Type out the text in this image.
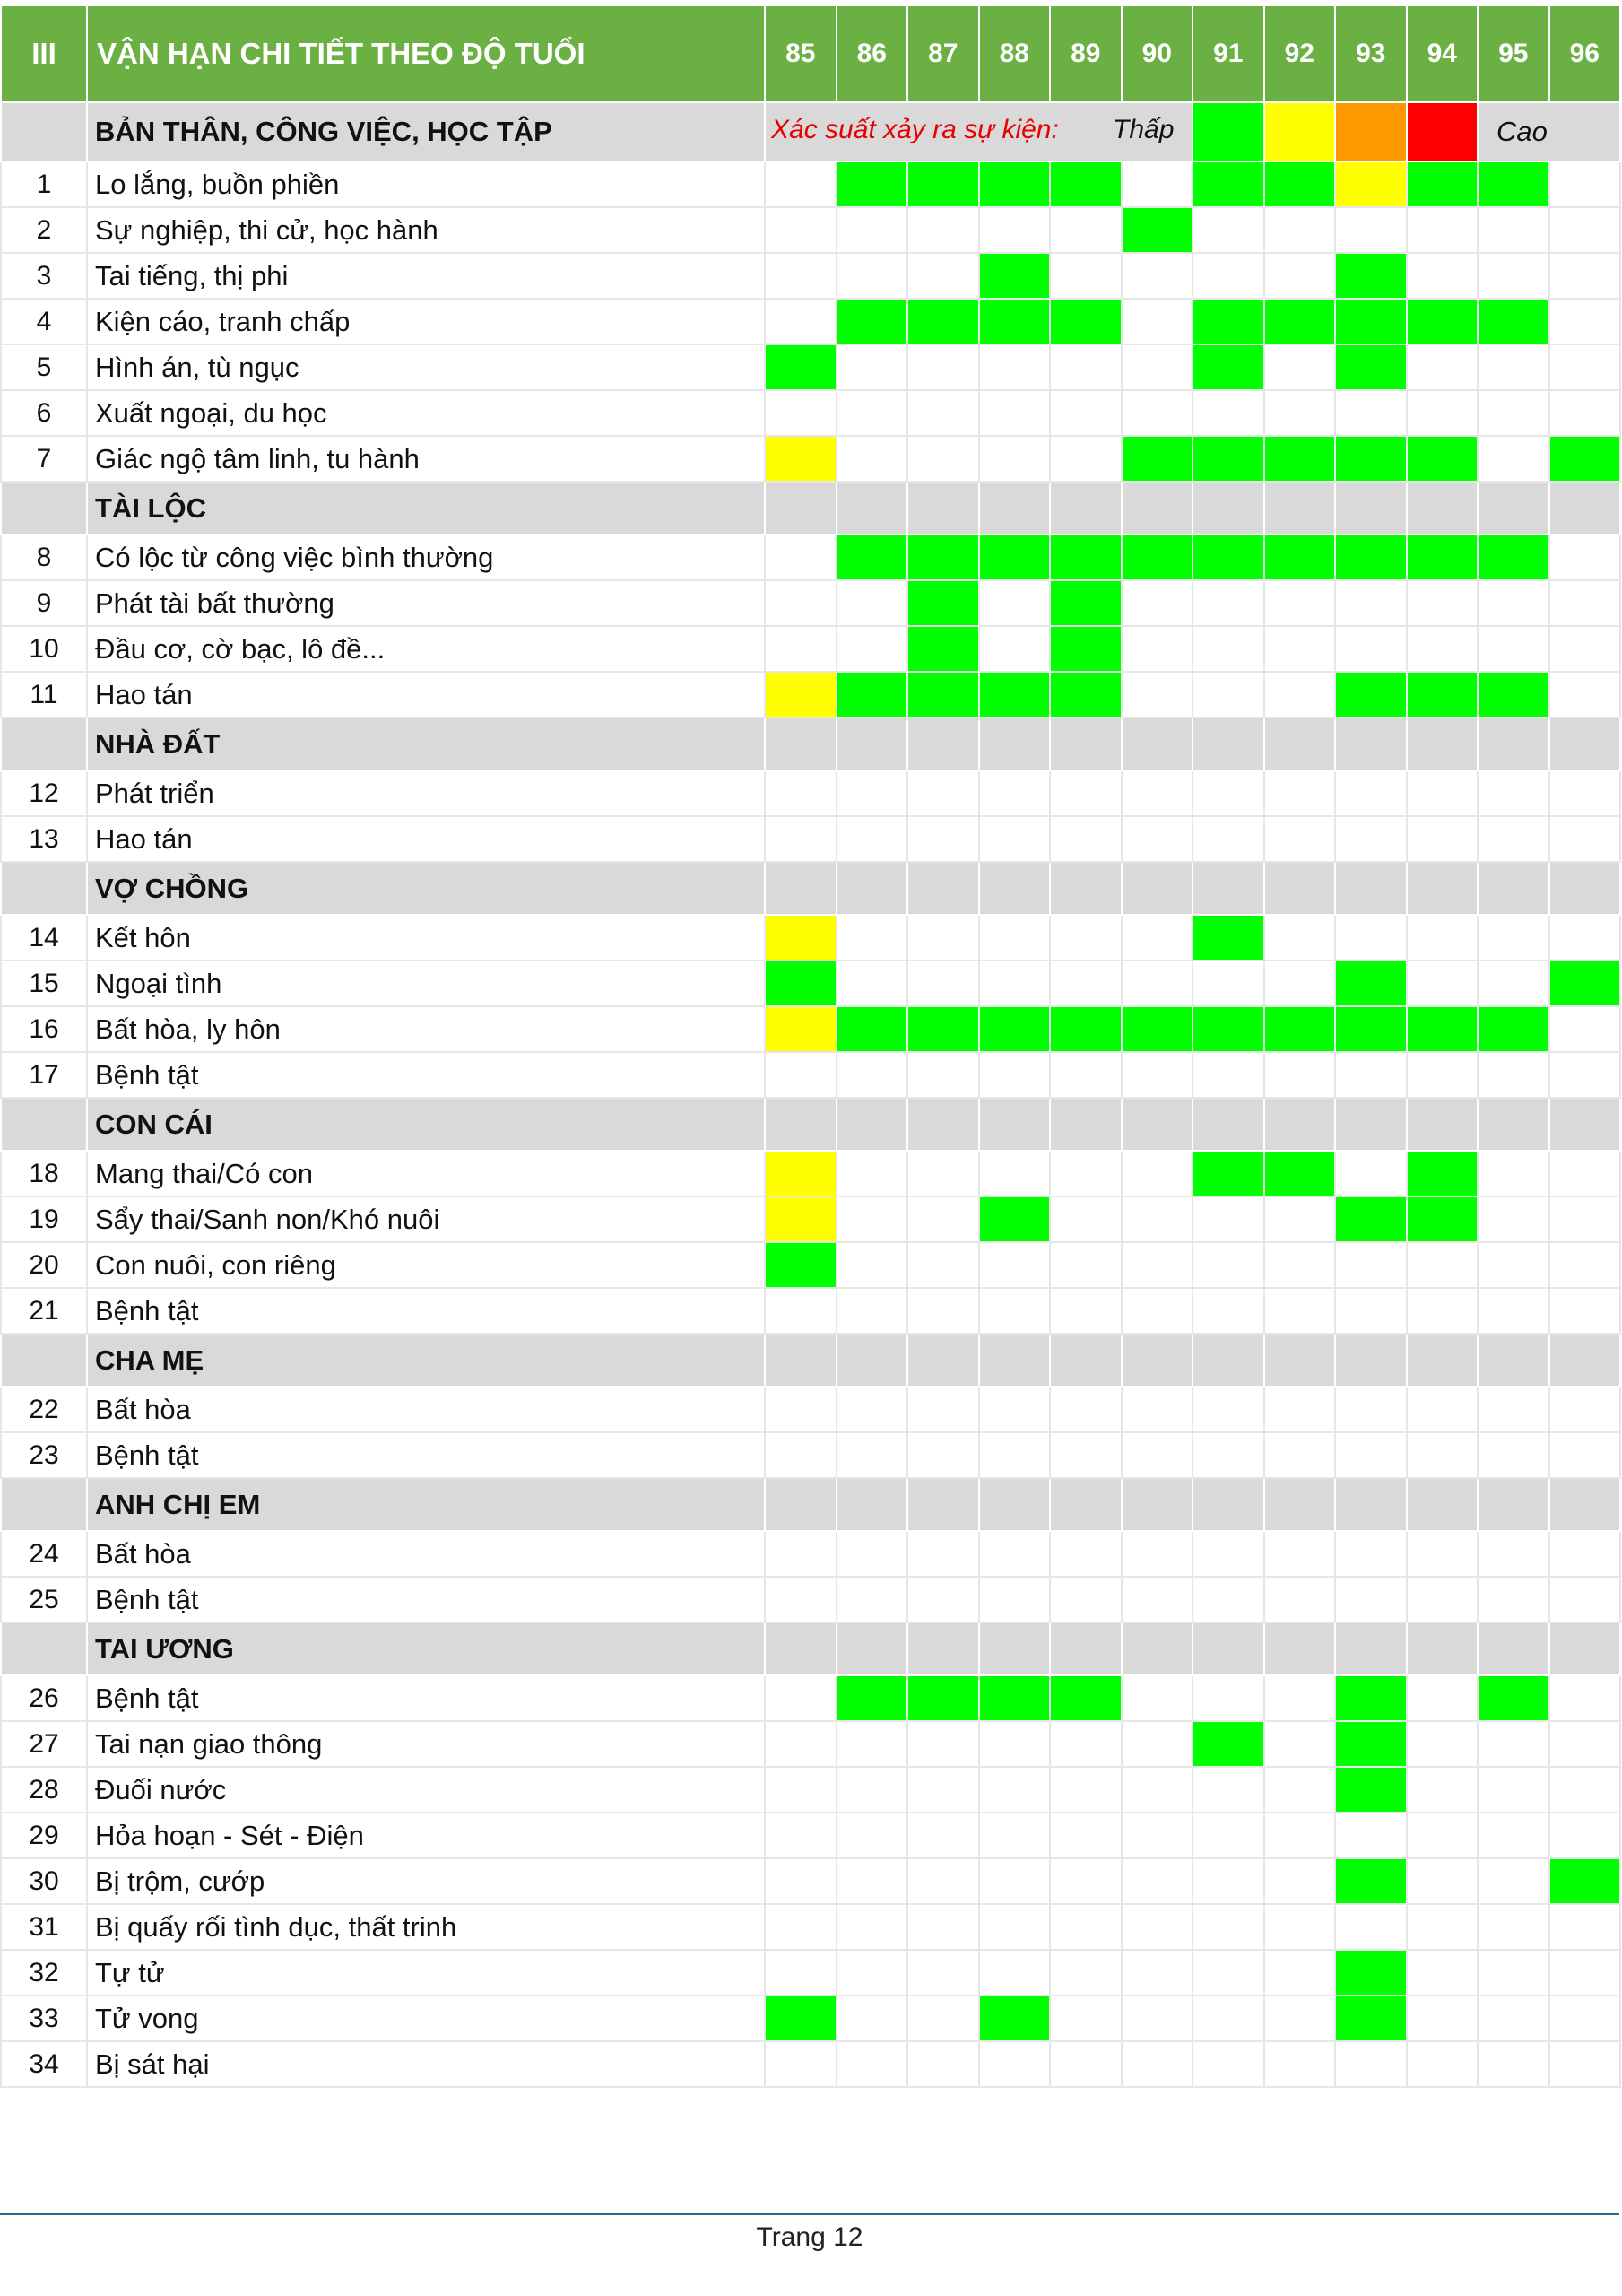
III	VẬN HẠN CHI TIẾT THEO ĐỘ TUỔI	85	86	87	88	89	90	91	92	93	94	95	96
	BẢN THÂN, CÔNG VIỆC, HỌC TẬP	Xác suất xảy ra sự kiện: Thấp										Cao	
1	Lo lắng, buồn phiền												
2	Sự nghiệp, thi cử, học hành												
3	Tai tiếng, thị phi												
4	Kiện cáo, tranh chấp												
5	Hình án, tù ngục												
6	Xuất ngoại, du học												
7	Giác ngộ tâm linh, tu hành												
	TÀI LỘC												
8	Có lộc từ công việc bình thường												
9	Phát tài bất thường												
10	Đầu cơ, cờ bạc, lô đề...												
11	Hao tán												
	NHÀ ĐẤT												
12	Phát triển												
13	Hao tán												
	VỢ CHỒNG												
14	Kết hôn												
15	Ngoại tình												
16	Bất hòa, ly hôn												
17	Bệnh tật												
	CON CÁI												
18	Mang thai/Có con												
19	Sẩy thai/Sanh non/Khó nuôi												
20	Con nuôi, con riêng												
21	Bệnh tật												
	CHA MẸ												
22	Bất hòa												
23	Bệnh tật												
	ANH CHỊ EM												
24	Bất hòa												
25	Bệnh tật												
	TAI ƯƠNG												
26	Bệnh tật												
27	Tai nạn giao thông												
28	Đuối nước												
29	Hỏa hoạn - Sét - Điện												
30	Bị trộm, cướp												
31	Bị quấy rối tình dục, thất trinh												
32	Tự tử												
33	Tử vong												
34	Bị sát hại												
Trang 12
